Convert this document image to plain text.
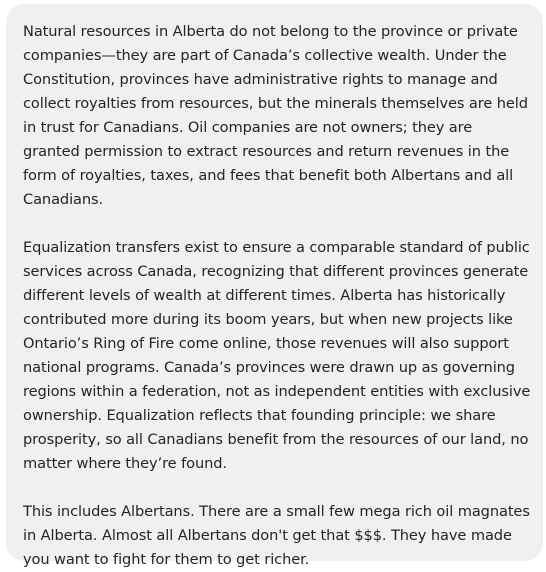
Natural resources in Alberta do not belong to the province or private companies—they are part of Canada’s collective wealth. Under the Constitution, provinces have administrative rights to manage and collect royalties from resources, but the minerals themselves are held in trust for Canadians. Oil companies are not owners; they are granted permission to extract resources and return revenues in the form of royalties, taxes, and fees that benefit both Albertans and all Canadians.

Equalization transfers exist to ensure a comparable standard of public services across Canada, recognizing that different provinces generate different levels of wealth at different times. Alberta has historically contributed more during its boom years, but when new projects like Ontario’s Ring of Fire come online, those revenues will also support national programs. Canada’s provinces were drawn up as governing regions within a federation, not as independent entities with exclusive ownership. Equalization reflects that founding principle: we share prosperity, so all Canadians benefit from the resources of our land, no matter where they’re found.

This includes Albertans. There are a small few mega rich oil magnates in Alberta. Almost all Albertans don't get that $$$. They have made you want to fight for them to get richer.
